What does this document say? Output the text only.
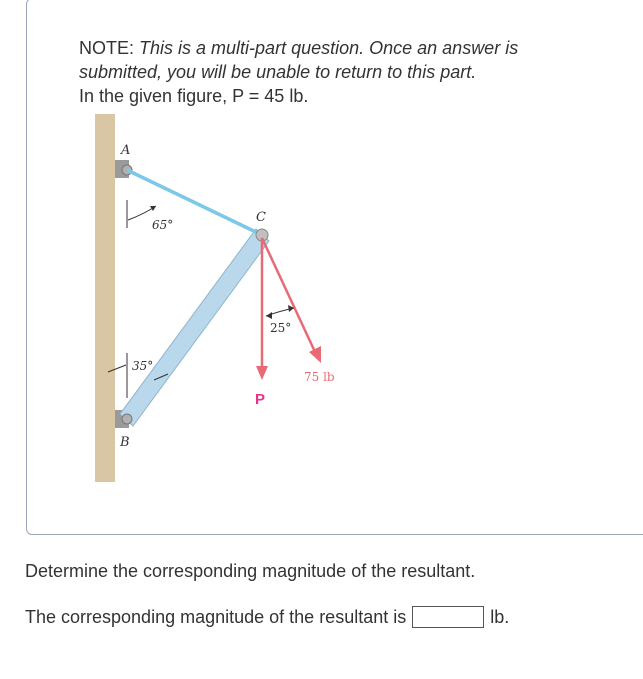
NOTE: This is a multi-part question. Once an answer is submitted, you will be unable to return to this part.
In the given figure, P = 45 lb.
65°
35°
P
75 lb
25°
A
C
B
Determine the corresponding magnitude of the resultant.
The corresponding magnitude of the resultant is	lb.
